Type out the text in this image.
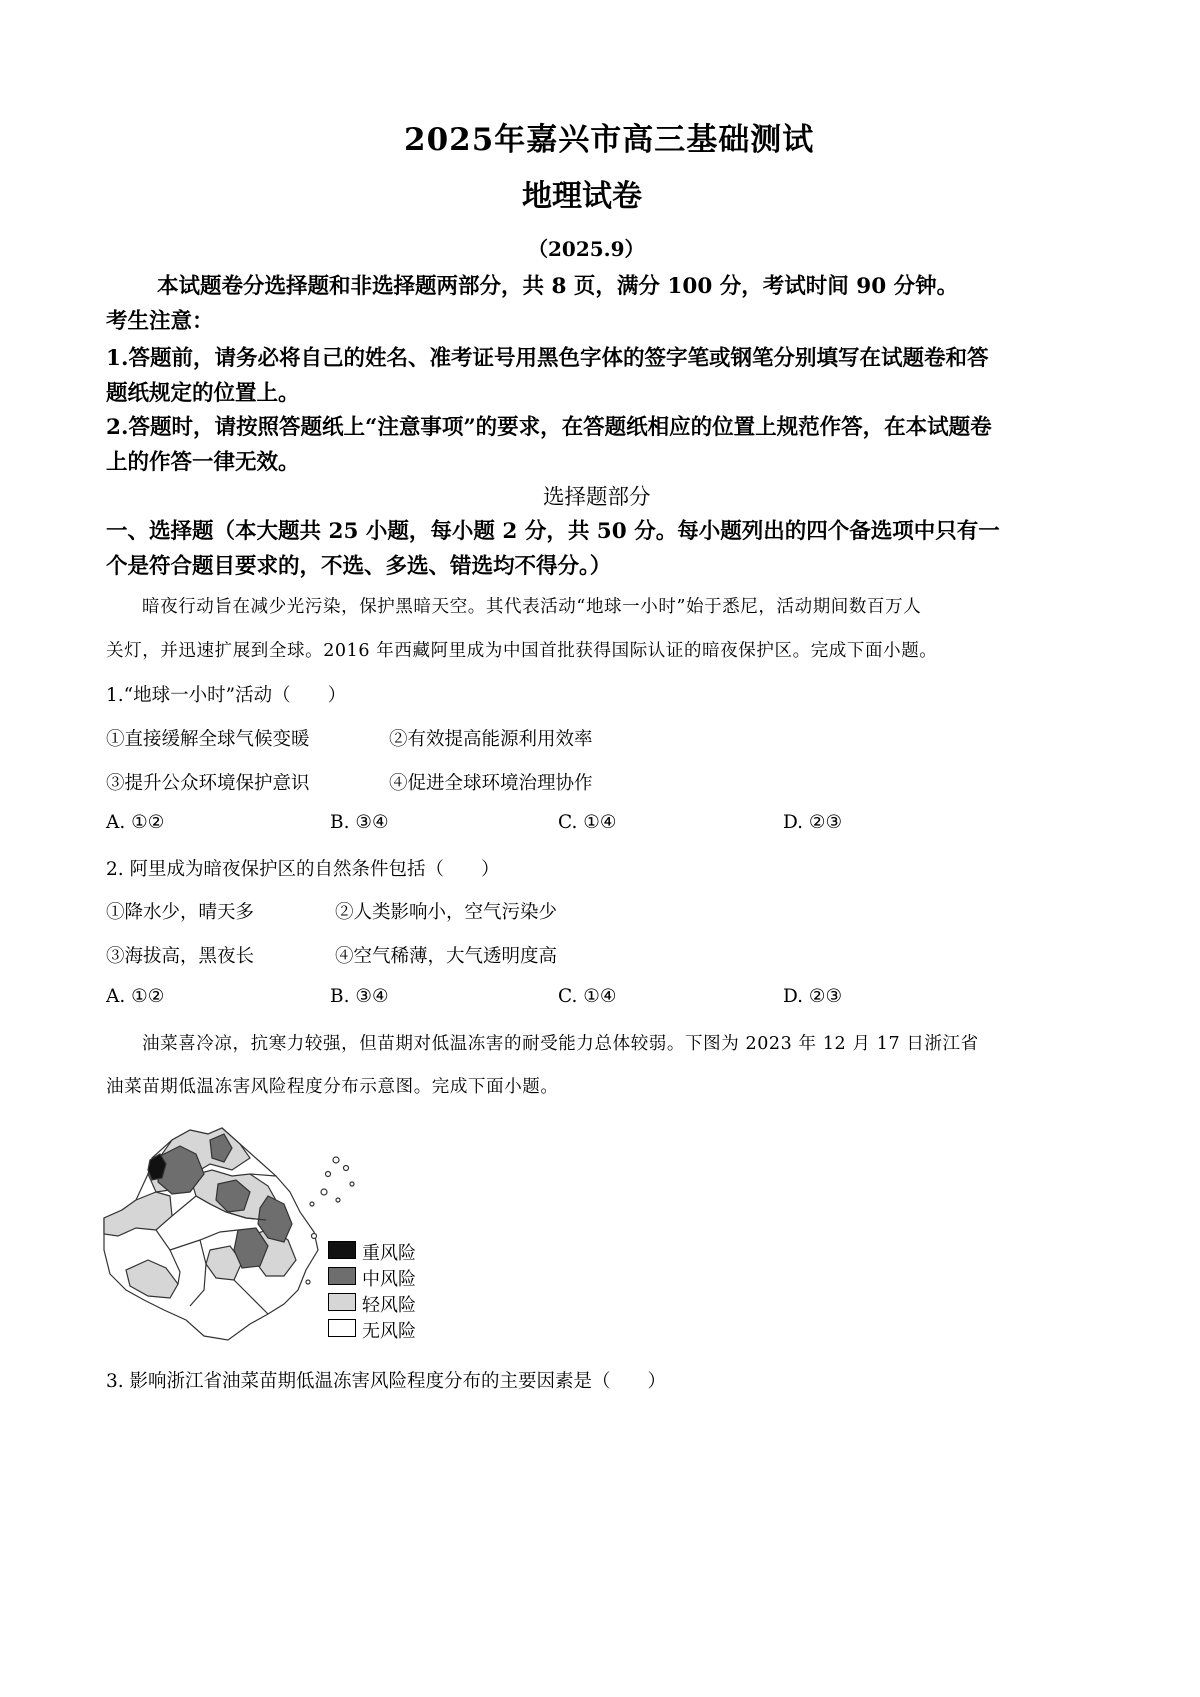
2025年嘉兴市高三基础测试
地理试卷
（2025.9）
本试题卷分选择题和非选择题两部分，共 8 页，满分 100 分，考试时间 90 分钟。
考生注意：
1.答题前，请务必将自己的姓名、准考证号用黑色字体的签字笔或钢笔分别填写在试题卷和答
题纸规定的位置上。
2.答题时，请按照答题纸上“注意事项”的要求，在答题纸相应的位置上规范作答，在本试题卷
上的作答一律无效。
选择题部分
一、选择题（本大题共 25 小题，每小题 2 分，共 50 分。每小题列出的四个备选项中只有一
个是符合题目要求的，不选、多选、错选均不得分。）
暗夜行动旨在减少光污染，保护黑暗天空。其代表活动“地球一小时”始于悉尼，活动期间数百万人
关灯，并迅速扩展到全球。2016 年西藏阿里成为中国首批获得国际认证的暗夜保护区。完成下面小题。
1.“地球一小时”活动（　　）
①直接缓解全球气候变暖	②有效提高能源利用效率
③提升公众环境保护意识	④促进全球环境治理协作
A. ①②	B. ③④	C. ①④	D. ②③
2. 阿里成为暗夜保护区的自然条件包括（　　）
①降水少，晴天多	②人类影响小，空气污染少
③海拔高，黑夜长	④空气稀薄，大气透明度高
A. ①②	B. ③④	C. ①④	D. ②③
油菜喜冷凉，抗寒力较强，但苗期对低温冻害的耐受能力总体较弱。下图为 2023 年 12 月 17 日浙江省
油菜苗期低温冻害风险程度分布示意图。完成下面小题。
重风险
中风险
轻风险
无风险
3. 影响浙江省油菜苗期低温冻害风险程度分布的主要因素是（　　）
